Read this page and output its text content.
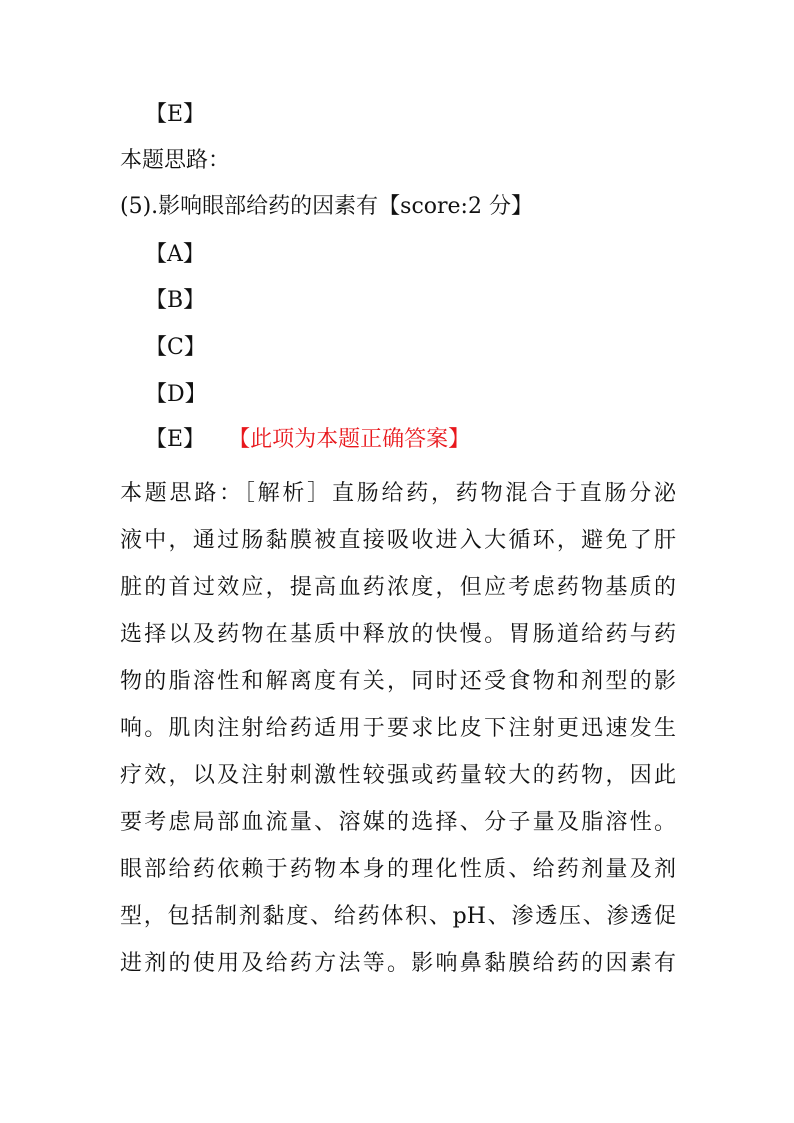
【E】
本题思路：
(5).影响眼部给药的因素有【score:2 分】
【A】
【B】
【C】
【D】
【E】 【此项为本题正确答案】
本题思路：［解析］直肠给药，药物混合于直肠分泌
液中，通过肠黏膜被直接吸收进入大循环，避免了肝
脏的首过效应，提高血药浓度，但应考虑药物基质的
选择以及药物在基质中释放的快慢。胃肠道给药与药
物的脂溶性和解离度有关，同时还受食物和剂型的影
响。肌肉注射给药适用于要求比皮下注射更迅速发生
疗效，以及注射刺激性较强或药量较大的药物，因此
要考虑局部血流量、溶媒的选择、分子量及脂溶性。
眼部给药依赖于药物本身的理化性质、给药剂量及剂
型，包括制剂黏度、给药体积、pH、渗透压、渗透促
进剂的使用及给药方法等。影响鼻黏膜给药的因素有
